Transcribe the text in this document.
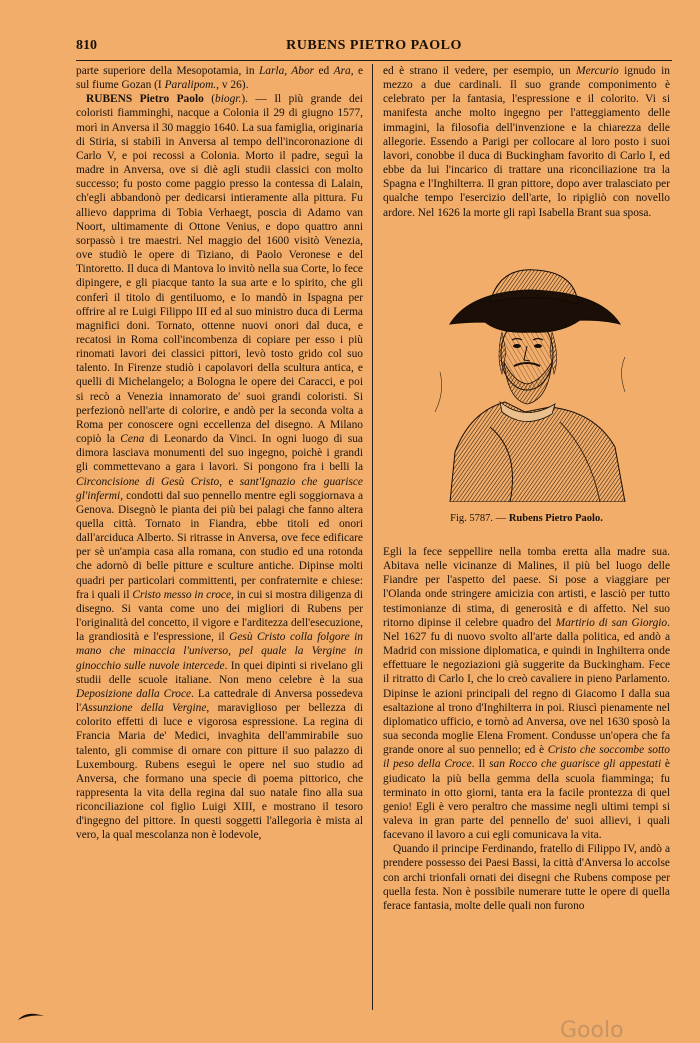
810	RUBENS PIETRO PAOLO

parte superiore della Mesopotamia, in Larla, Abor ed Ara, e sul fiume Gozan (I Paralipom., v 26).

RUBENS Pietro Paolo (biogr.). — Il più grande dei coloristi fiamminghi, nacque a Colonia il 29 di giugno 1577, morì in Anversa il 30 maggio 1640. La sua famiglia, originaria di Stiria, si stabilì in Anversa al tempo dell'incoronazione di Carlo V, e poi recossi a Colonia. Morto il padre, seguì la madre in Anversa, ove si diè agli studii classici con molto successo; fu posto come paggio presso la contessa di Lalain, ch'egli abbandonò per dedicarsi intieramente alla pittura. Fu allievo dapprima di Tobia Verhaegt, poscia di Adamo van Noort, ultimamente di Ottone Venius, e dopo quattro anni sorpassò i tre maestri. Nel maggio del 1600 visitò Venezia, ove studiò le opere di Tiziano, di Paolo Veronese e del Tintoretto. Il duca di Mantova lo invitò nella sua Corte, lo fece dipingere, e gli piacque tanto la sua arte e lo spirito, che gli conferì il titolo di gentiluomo, e lo mandò in Ispagna per offrire al re Luigi Filippo III ed al suo ministro duca di Lerma magnifici doni. Tornato, ottenne nuovi onori dal duca, e recatosi in Roma coll'incombenza di copiare per esso i più rinomati lavori dei classici pittori, levò tosto grido col suo talento. In Firenze studiò i capolavori della scultura antica, e quelli di Michelangelo; a Bologna le opere dei Caracci, e poi si recò a Venezia innamorato de' suoi grandi coloristi. Si perfezionò nell'arte di colorire, e andò per la seconda volta a Roma per conoscere ogni eccellenza del disegno. A Milano copiò la Cena di Leonardo da Vinci. In ogni luogo di sua dimora lasciava monumenti del suo ingegno, poichè i grandi gli commettevano a gara i lavori. Si pongono fra i belli la Circoncisione di Gesù Cristo, e sant'Ignazio che guarisce gl'infermi, condotti dal suo pennello mentre egli soggiornava a Genova. Disegnò le pianta dei più bei palagi che fanno altera quella città. Tornato in Fiandra, ebbe titoli ed onori dall'arciduca Alberto. Si ritrasse in Anversa, ove fece edificare per sè un'ampia casa alla romana, con studio ed una rotonda che adornò di belle pitture e sculture antiche. Dipinse molti quadri per particolari committenti, per confraternite e chiese: fra i quali il Cristo messo in croce, in cui si mostra diligenza di disegno. Si vanta come uno dei migliori di Rubens per l'originalità del concetto, il vigore e l'arditezza dell'esecuzione, la grandiosità e l'espressione, il Gesù Cristo colla folgore in mano che minaccia l'universo, pel quale la Vergine in ginocchio sulle nuvole intercede. In quei dipinti si rivelano gli studii delle scuole italiane. Non meno celebre è la sua Deposizione dalla Croce. La cattedrale di Anversa possedeva l'Assunzione della Vergine, maraviglioso per bellezza di colorito effetti di luce e vigorosa espressione. La regina di Francia Maria de' Medici, invaghita dell'ammirabile suo talento, gli commise di ornare con pitture il suo palazzo di Luxembourg. Rubens eseguì le opere nel suo studio ad Anversa, che formano una specie di poema pittorico, che rappresenta la vita della regina dal suo natale fino alla sua riconciliazione col figlio Luigi XIII, e mostrano il tesoro d'ingegno del pittore. In questi soggetti l'allegoria è mista al vero, la qual mescolanza non è lodevole,

ed è strano il vedere, per esempio, un Mercurio ignudo in mezzo a due cardinali. Il suo grande componimento è celebrato per la fantasia, l'espressione e il colorito. Vi si manifesta anche molto ingegno per l'atteggiamento delle immagini, la filosofia dell'invenzione e la chiarezza delle allegorie. Essendo a Parigi per collocare al loro posto i suoi lavori, conobbe il duca di Buckingham favorito di Carlo I, ed ebbe da lui l'incarico di trattare una riconciliazione tra la Spagna e l'Inghilterra. Il gran pittore, dopo aver tralasciato per qualche tempo l'esercizio dell'arte, lo ripigliò con novello ardore. Nel 1626 la morte gli rapì Isabella Brant sua sposa.

Fig. 5787. — Rubens Pietro Paolo.

Egli la fece seppellire nella tomba eretta alla madre sua. Abitava nelle vicinanze di Malines, il più bel luogo delle Fiandre per l'aspetto del paese. Si pose a viaggiare per l'Olanda onde stringere amicizia con artisti, e lasciò per tutto testimonianze di stima, di generosità e di affetto. Nel suo ritorno dipinse il celebre quadro del Martirio di san Giorgio. Nel 1627 fu di nuovo svolto all'arte dalla politica, ed andò a Madrid con missione diplomatica, e quindi in Inghilterra onde effettuare le negoziazioni già suggerite da Buckingham. Fece il ritratto di Carlo I, che lo creò cavaliere in pieno Parlamento. Dipinse le azioni principali del regno di Giacomo I dalla sua esaltazione al trono d'Inghilterra in poi. Riuscì pienamente nel diplomatico ufficio, e tornò ad Anversa, ove nel 1630 sposò la sua seconda moglie Elena Froment. Condusse un'opera che fa grande onore al suo pennello; ed è Cristo che soccombe sotto il peso della Croce. Il san Rocco che guarisce gli appestati è giudicato la più bella gemma della scuola fiamminga; fu terminato in otto giorni, tanta era la facile prontezza di quel genio! Egli è vero peraltro che massime negli ultimi tempi si valeva in gran parte del pennello de' suoi allievi, i quali facevano il lavoro a cui egli comunicava la vita.

Quando il principe Ferdinando, fratello di Filippo IV, andò a prendere possesso dei Paesi Bassi, la città d'Anversa lo accolse con archi trionfali ornati dei disegni che Rubens compose per quella festa. Non è possibile numerare tutte le opere di quella ferace fantasia, molte delle quali non furono

Goolo
